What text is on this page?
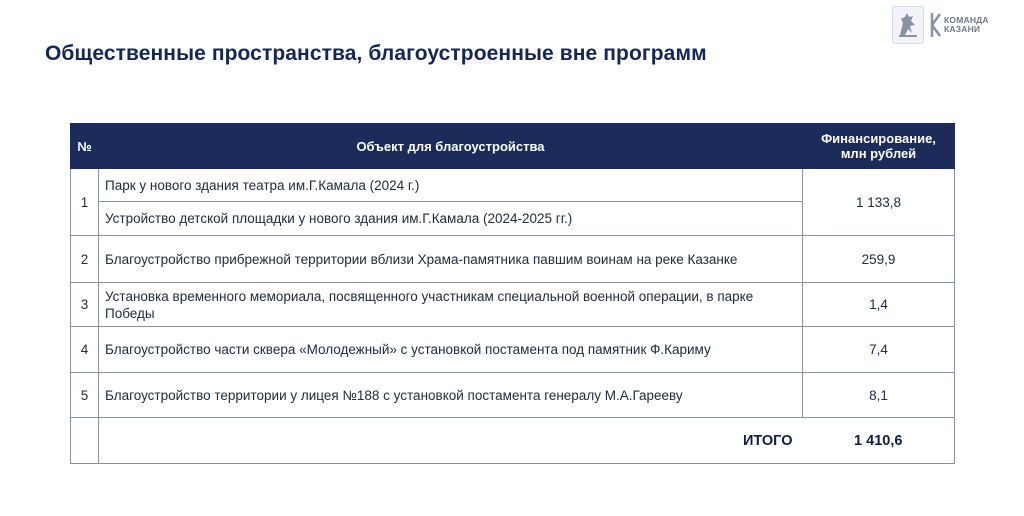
Общественные пространства, благоустроенные вне программ
КОМАНДА
КАЗАНИ
№	Объект для благоустройства	Финансирование, млн рублей
1	Парк у нового здания театра им.Г.Камала (2024 г.)	1 133,8
	Устройство детской площадки у нового здания им.Г.Камала (2024-2025 гг.)	
2	Благоустройство прибрежной территории вблизи Храма-памятника павшим воинам на реке Казанке	259,9
3	Установка временного мемориала, посвященного участникам специальной военной операции, в парке Победы	1,4
4	Благоустройство части сквера «Молодежный» с установкой постамента под памятник Ф.Кариму	7,4
5	Благоустройство территории у лицея №188 с установкой постамента генералу М.А.Гарееву	8,1
	ИТОГО	1 410,6
